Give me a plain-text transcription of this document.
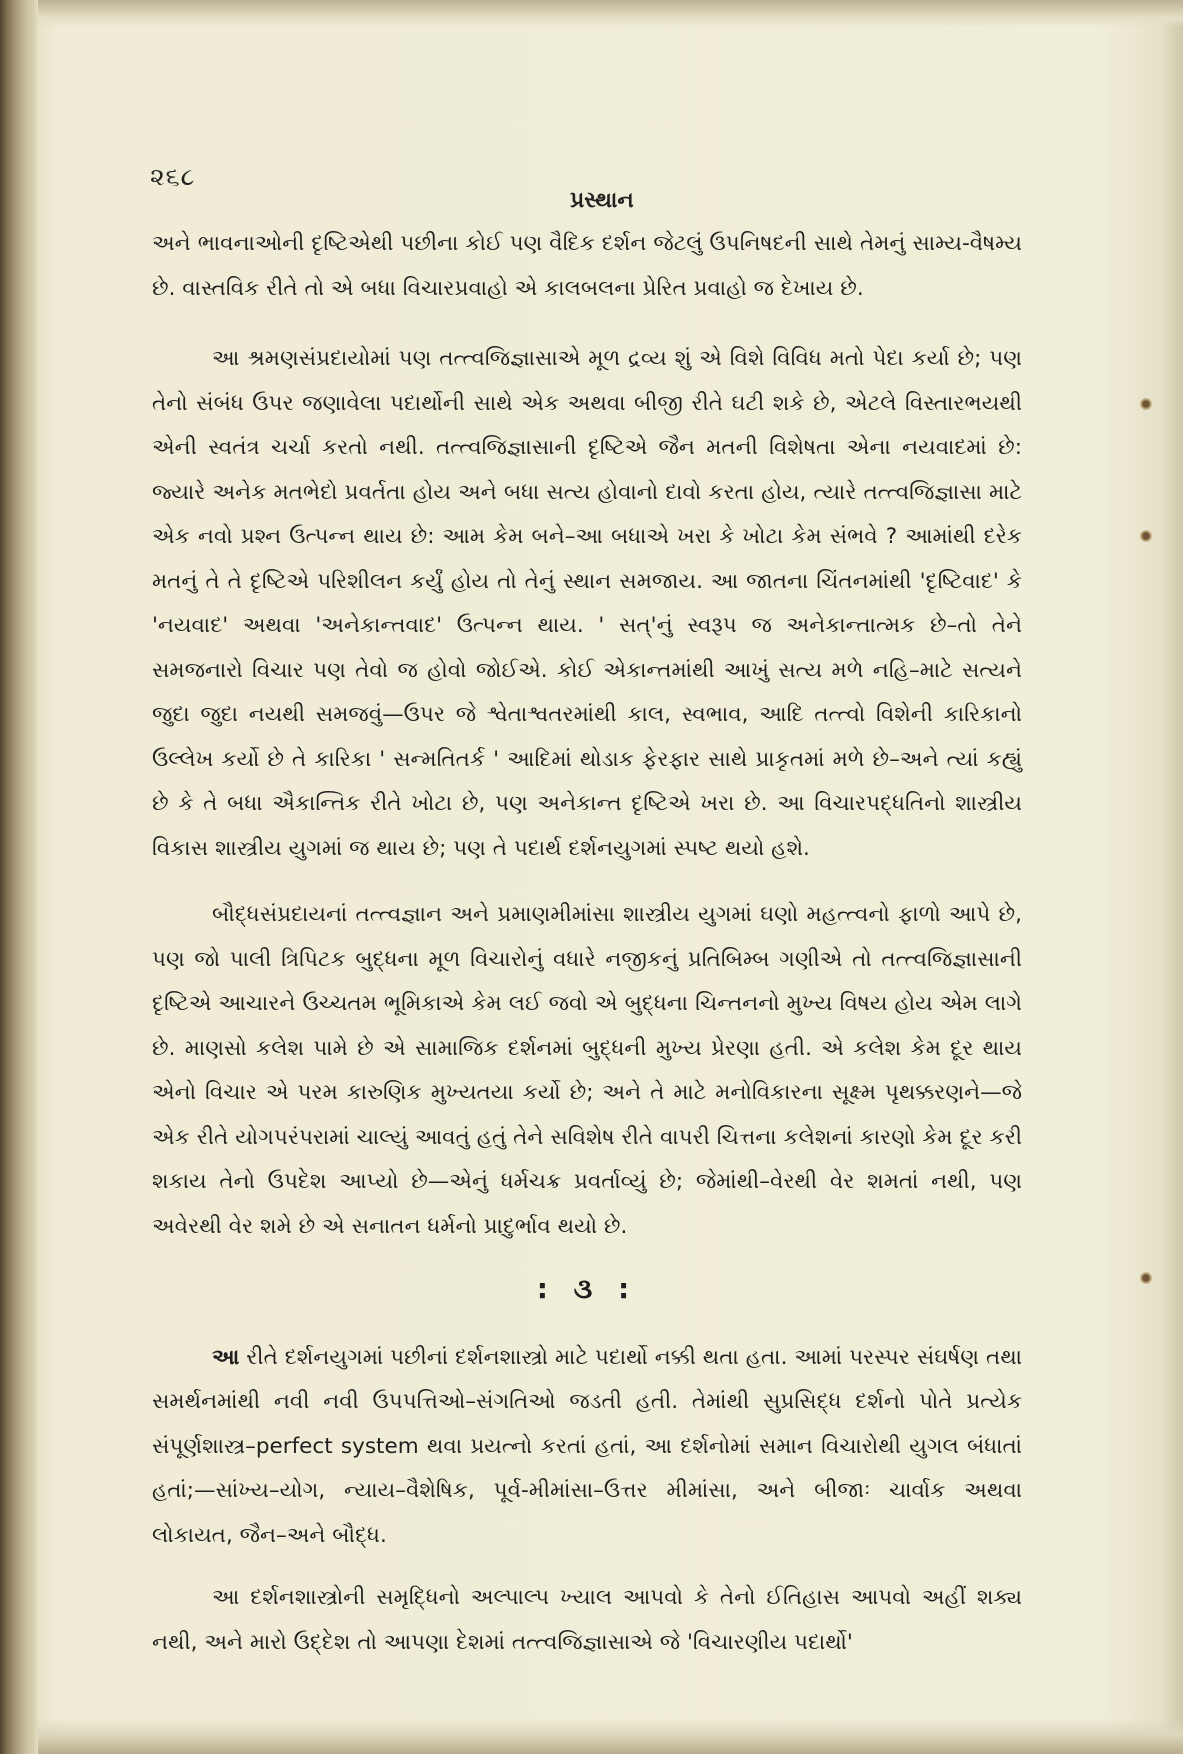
૨૬૮
પ્રસ્થાન

અને ભાવનાઓની દૃષ્ટિએથી પછીના કોઈ પણ વૈદિક દર્શન જેટલું ઉપનિષદની સાથે તેમનું સામ્ય-વૈષમ્ય છે. વાસ્તવિક રીતે તો એ બધા વિચારપ્રવાહો એ કાલબલના પ્રેરિત પ્રવાહો જ દેખાય છે.

આ શ્રમણસંપ્રદાયોમાં પણ તત્ત્વજિજ્ઞાસાએ મૂળ દ્રવ્ય શું એ વિશે વિવિધ મતો પેદા કર્યા છે; પણ તેનો સંબંધ ઉપર જણાવેલા પદાર્થોની સાથે એક અથવા બીજી રીતે ઘટી શકે છે, એટલે વિસ્તારભયથી એની સ્વતંત્ર ચર્ચા કરતો નથી. તત્ત્વજિજ્ઞાસાની દૃષ્ટિએ જૈન મતની વિશેષતા એના નયવાદમાં છે: જ્યારે અનેક મતભેદો પ્રવર્તતા હોય અને બધા સત્ય હોવાનો દાવો કરતા હોય, ત્યારે તત્ત્વજિજ્ઞાસા માટે એક નવો પ્રશ્ન ઉત્પન્ન થાય છે: આમ કેમ બને–આ બધાએ ખરા કે ખોટા કેમ સંભવે ? આમાંથી દરેક મતનું તે તે દૃષ્ટિએ પરિશીલન કર્યું હોય તો તેનું સ્થાન સમજાય. આ જાતના ચિંતનમાંથી 'દૃષ્ટિવાદ' કે 'નયવાદ' અથવા 'અનેકાન્તવાદ' ઉત્પન્ન થાય. ' સત્'નું સ્વરૂપ જ અનેકાન્તાત્મક છે–તો તેને સમજનારો વિચાર પણ તેવો જ હોવો જોઈએ. કોઈ એકાન્તમાંથી આખું સત્ય મળે નહિ–માટે સત્યને જુદા જુદા નયથી સમજવું—ઉપર જે શ્વેતાશ્વતરમાંથી કાલ, સ્વભાવ, આદિ તત્ત્વો વિશેની કારિકાનો ઉલ્લેખ કર્યો છે તે કારિકા ' સન્મતિતર્ક ' આદિમાં થોડાક ફેરફાર સાથે પ્રાકૃતમાં મળે છે–અને ત્યાં કહ્યું છે કે તે બધા ઐકાન્તિક રીતે ખોટા છે, પણ અનેકાન્ત દૃષ્ટિએ ખરા છે. આ વિચારપદ્ધતિનો શાસ્ત્રીય વિકાસ શાસ્ત્રીય યુગમાં જ થાય છે; પણ તે પદાર્થ દર્શનયુગમાં સ્પષ્ટ થયો હશે.

બૌદ્ધસંપ્રદાયનાં તત્ત્વજ્ઞાન અને પ્રમાણમીમાંસા શાસ્ત્રીય યુગમાં ઘણો મહત્ત્વનો ફાળો આપે છે, પણ જો પાલી ત્રિપિટક બુદ્ધના મૂળ વિચારોનું વધારે નજીકનું પ્રતિબિમ્બ ગણીએ તો તત્ત્વજિજ્ઞાસાની દૃષ્ટિએ આચારને ઉચ્ચતમ ભૂમિકાએ કેમ લઈ જવો એ બુદ્ધના ચિન્તનનો મુખ્ય વિષય હોય એમ લાગે છે. માણસો કલેશ પામે છે એ સામાજિક દર્શનમાં બુદ્ધની મુખ્ય પ્રેરણા હતી. એ કલેશ કેમ દૂર થાય એનો વિચાર એ પરમ કારુણિક મુખ્યતયા કર્યો છે; અને તે માટે મનોવિકારના સૂક્ષ્મ પૃથક્કરણને—જે એક રીતે યોગપરંપરામાં ચાલ્યું આવતું હતું તેને સવિશેષ રીતે વાપરી ચિત્તના કલેશનાં કારણો કેમ દૂર કરી શકાય તેનો ઉપદેશ આપ્યો છે—એનું ધર્મચક્ર પ્રવર્તાવ્યું છે; જેમાંથી–વેરથી વેર શમતાં નથી, પણ અવેરથી વેર શમે છે એ સનાતન ધર્મનો પ્રાદુર્ભાવ થયો છે.

: ૩ :

આ રીતે દર્શનયુગમાં પછીનાં દર્શનશાસ્ત્રો માટે પદાર્થો નક્કી થતા હતા. આમાં પરસ્પર સંઘર્ષણ તથા સમર્થનમાંથી નવી નવી ઉપપત્તિઓ–સંગતિઓ જડતી હતી. તેમાંથી સુપ્રસિદ્ધ દર્શનો પોતે પ્રત્યેક સંપૂર્ણશાસ્ત્ર–perfect system થવા પ્રયત્નો કરતાં હતાં, આ દર્શનોમાં સમાન વિચારોથી યુગલ બંધાતાં હતાં;—સાંખ્ય–યોગ, ન્યાય–વૈશેષિક, પૂર્વ-મીમાંસા–ઉત્તર મીમાંસા, અને બીજાઃ ચાર્વાક અથવા લોકાયત, જૈન–અને બૌદ્ધ.

આ દર્શનશાસ્ત્રોની સમૃદ્ધિનો અલ્પાલ્પ ખ્યાલ આપવો કે તેનો ઈતિહાસ આપવો અહીં શક્ય નથી, અને મારો ઉદ્દેશ તો આપણા દેશમાં તત્ત્વજિજ્ઞાસાએ જે 'વિચારણીય પદાર્થો'
